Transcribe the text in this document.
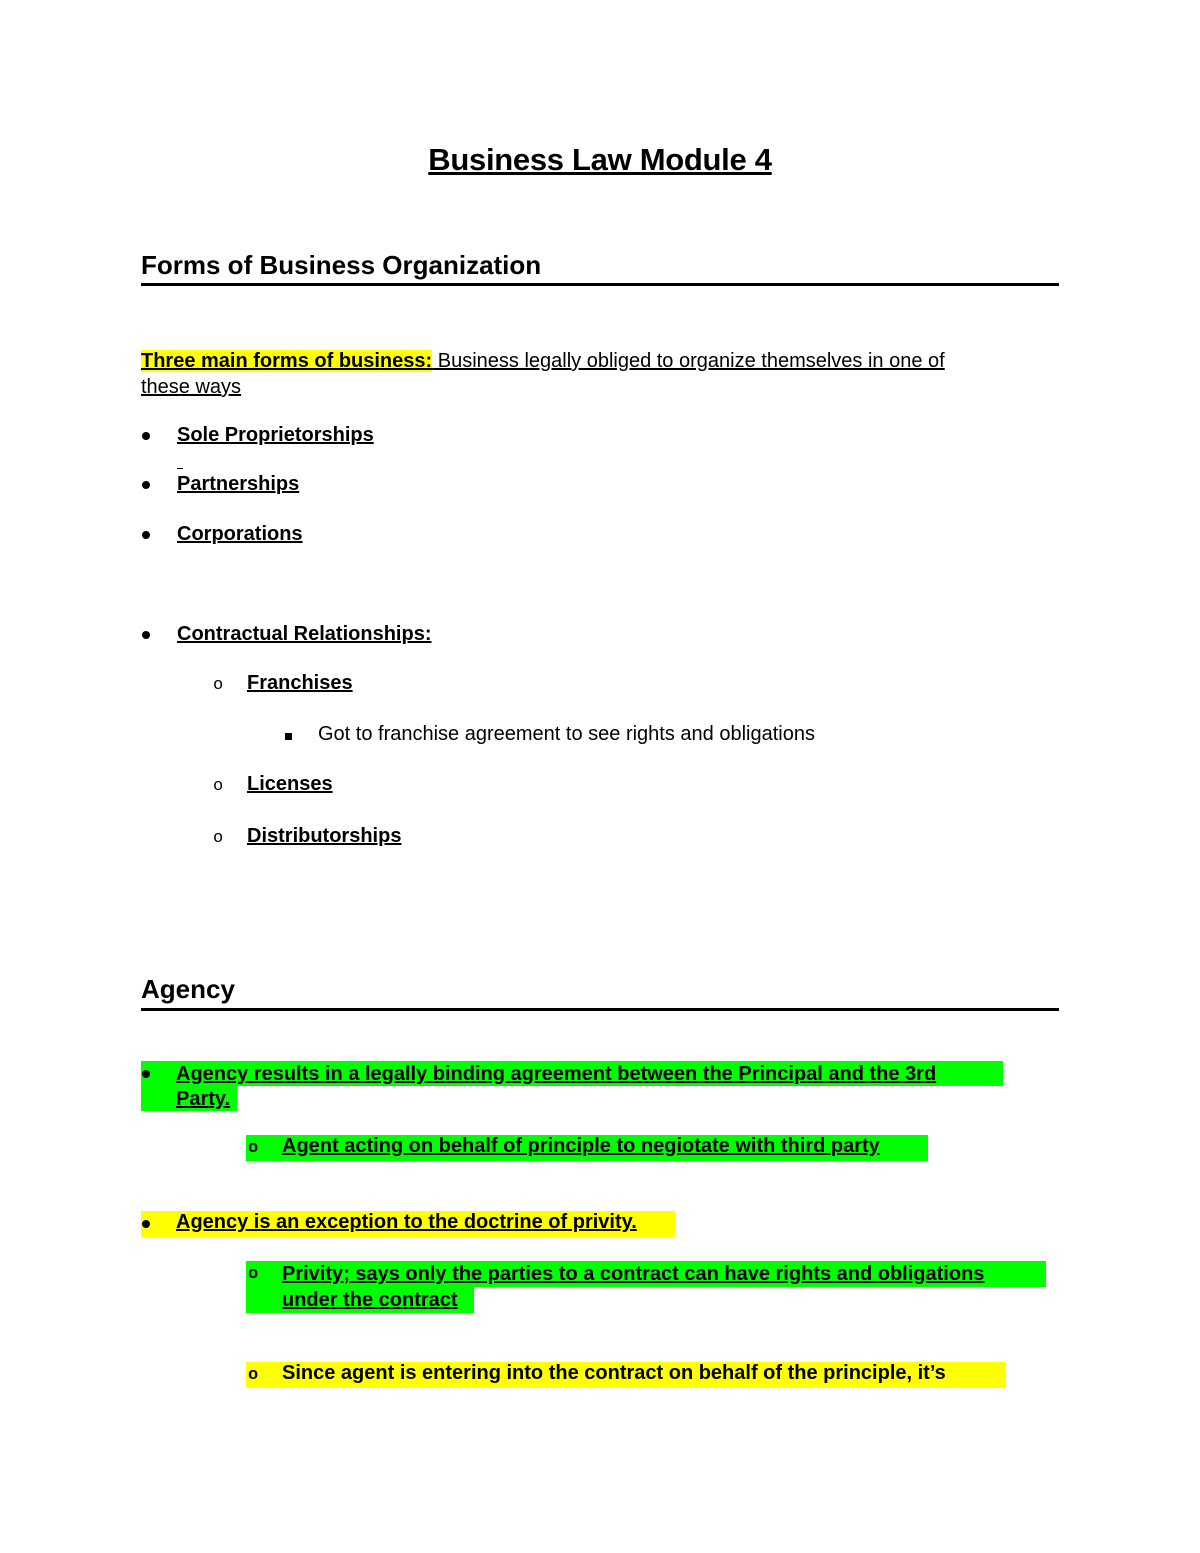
Business Law Module 4
Forms of Business Organization
Three main forms of business: Business legally obliged to organize themselves in one of
these ways
Sole Proprietorships
Partnerships
Corporations
Contractual Relationships:
o Franchises
Got to franchise agreement to see rights and obligations
o Licenses
o Distributorships
Agency
Agency results in a legally binding agreement between the Principal and the 3rd
Party.
o Agent acting on behalf of principle to negiotate with third party
Agency is an exception to the doctrine of privity.
o Privity; says only the parties to a contract can have rights and obligations
under the contract
o Since agent is entering into the contract on behalf of the principle, it’s
